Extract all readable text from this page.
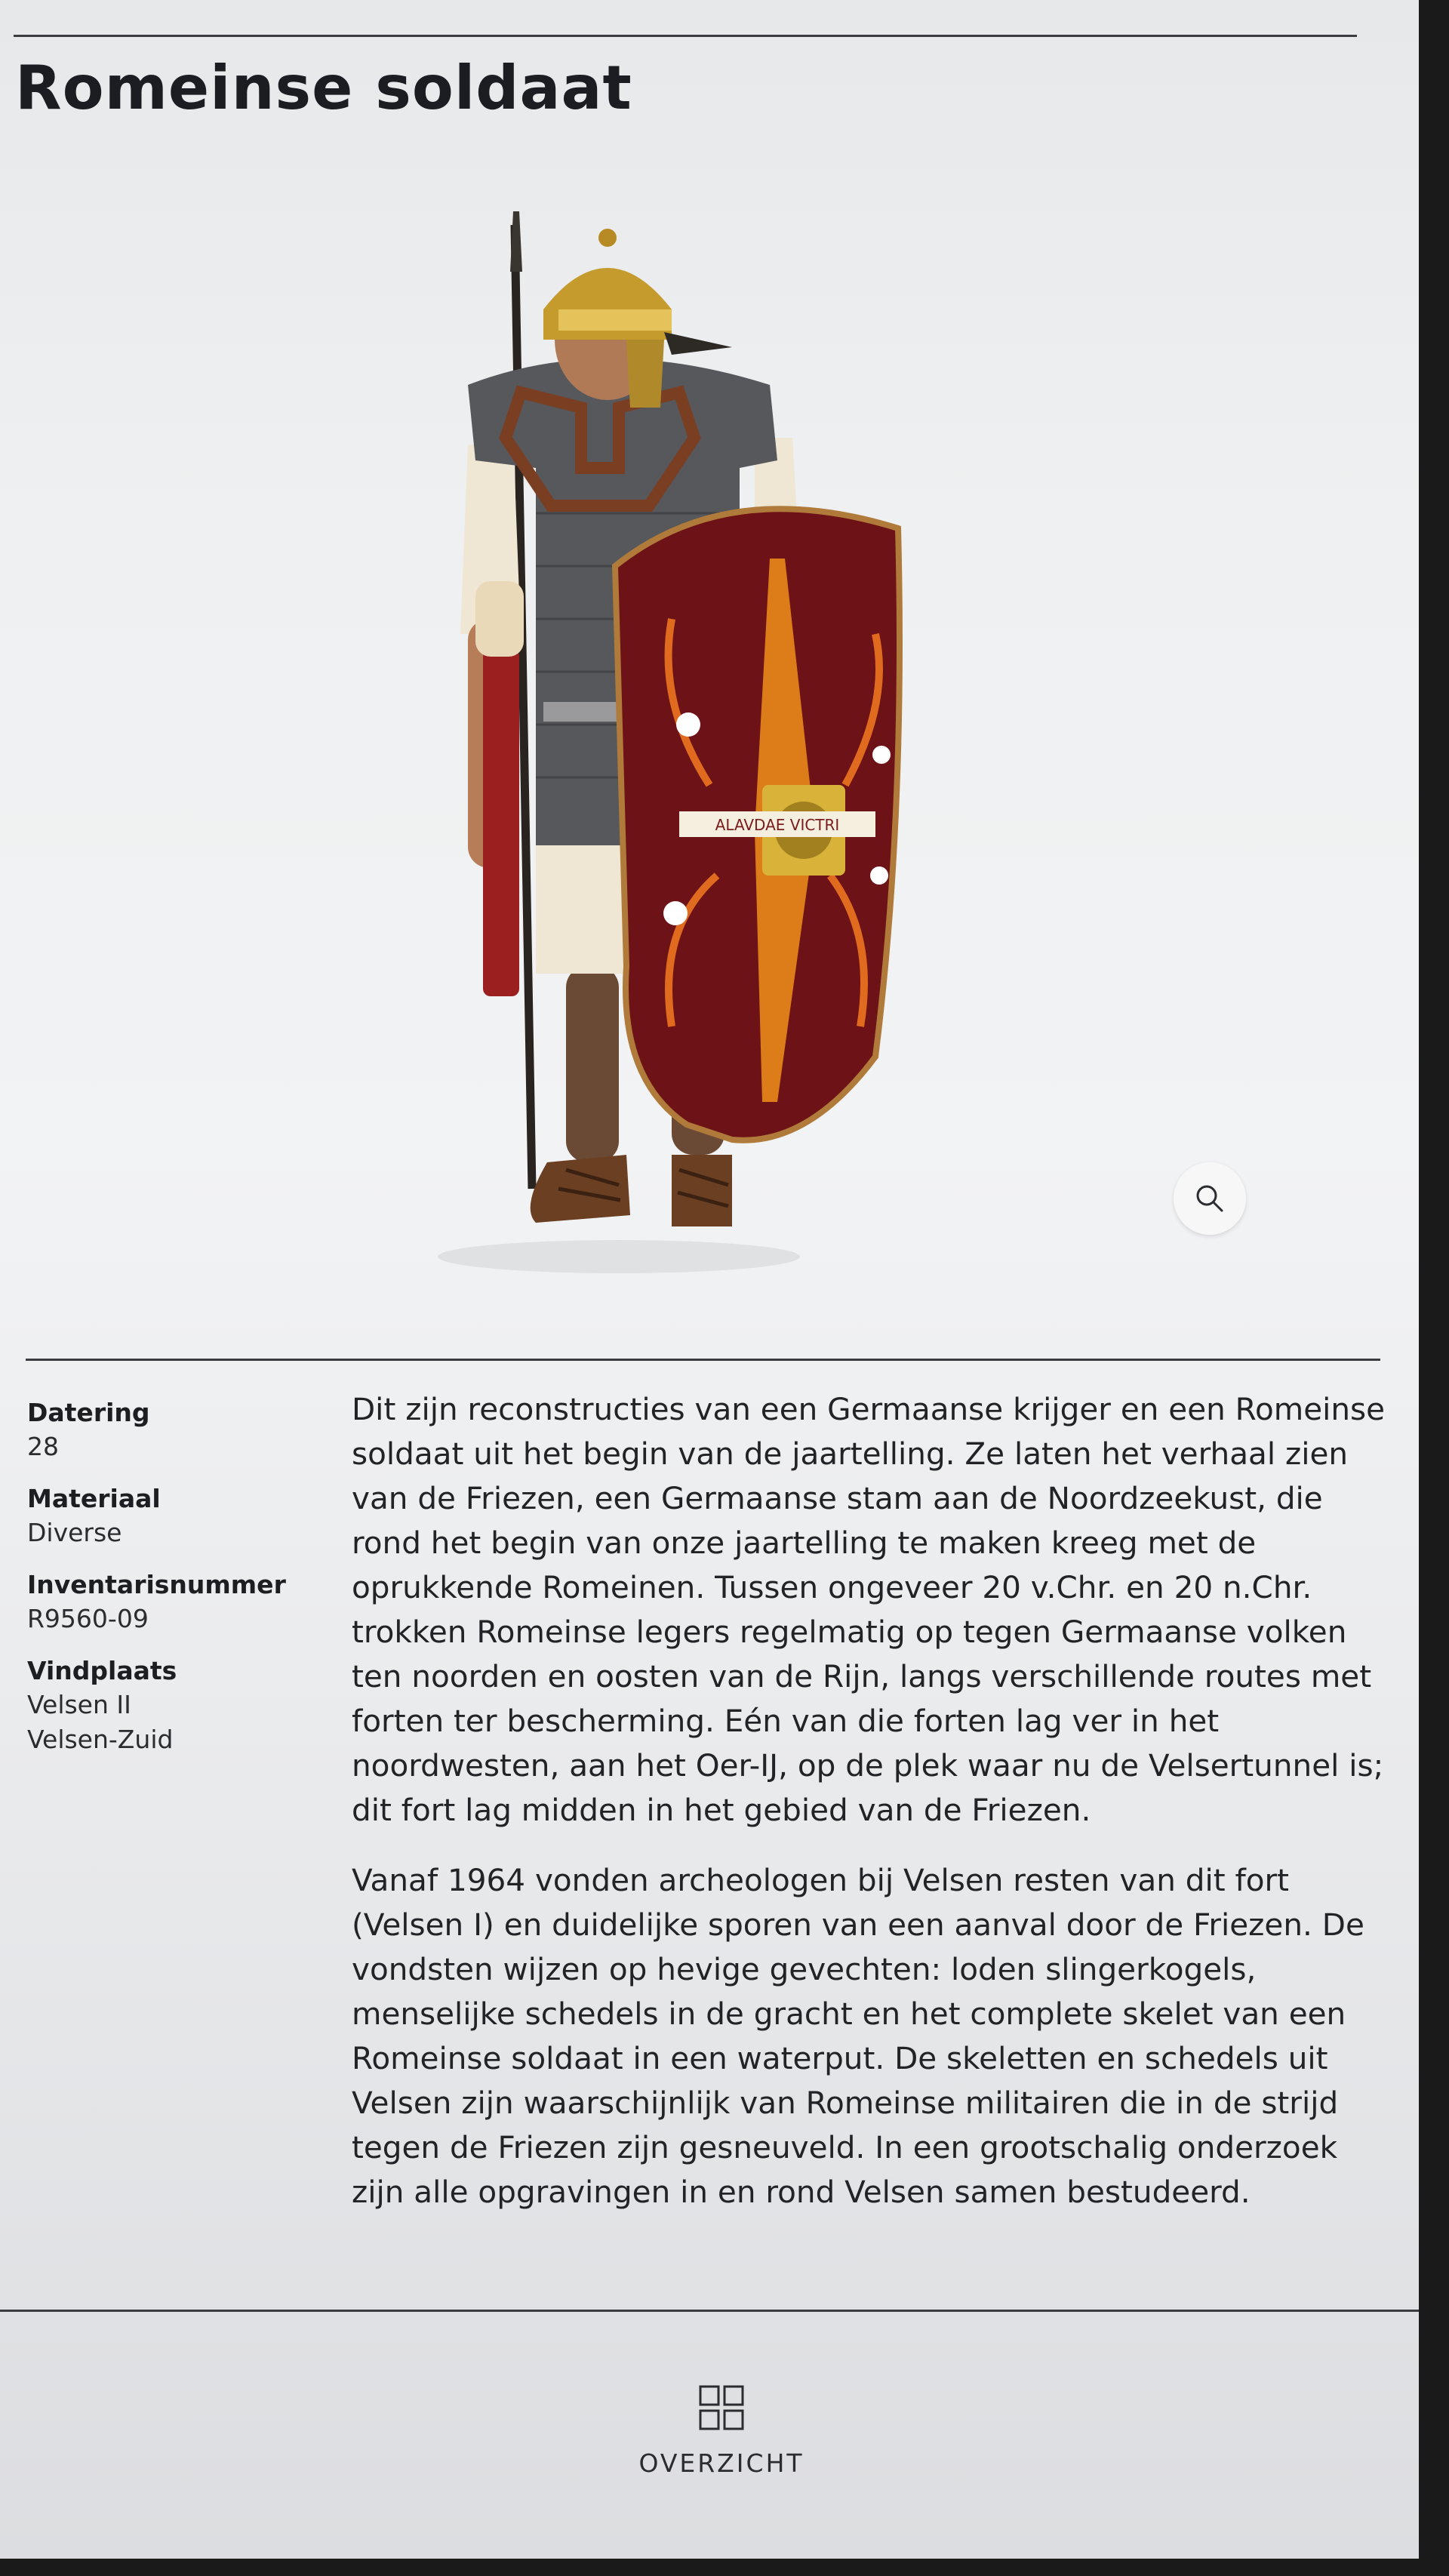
Romeinse soldaat
ALAVDAE VICTRI
Datering
28
Materiaal
Diverse
Inventarisnummer
R9560-09
Vindplaats
Velsen II
Velsen-Zuid

Dit zijn reconstructies van een Germaanse krijger en een Romeinse soldaat uit het begin van de jaartelling. Ze laten het verhaal zien van de Friezen, een Germaanse stam aan de Noordzeekust, die rond het begin van onze jaartelling te maken kreeg met de oprukkende Romeinen. Tussen ongeveer 20 v.Chr. en 20 n.Chr. trokken Romeinse legers regelmatig op tegen Germaanse volken ten noorden en oosten van de Rijn, langs verschillende routes met forten ter bescherming. Eén van die forten lag ver in het noordwesten, aan het Oer-IJ, op de plek waar nu de Velsertunnel is; dit fort lag midden in het gebied van de Friezen.

Vanaf 1964 vonden archeologen bij Velsen resten van dit fort (Velsen I) en duidelijke sporen van een aanval door de Friezen. De vondsten wijzen op hevige gevechten: loden slingerkogels, menselijke schedels in de gracht en het complete skelet van een Romeinse soldaat in een waterput. De skeletten en schedels uit Velsen zijn waarschijnlijk van Romeinse militairen die in de strijd tegen de Friezen zijn gesneuveld. In een grootschalig onderzoek zijn alle opgravingen in en rond Velsen samen bestudeerd.

OVERZICHT
